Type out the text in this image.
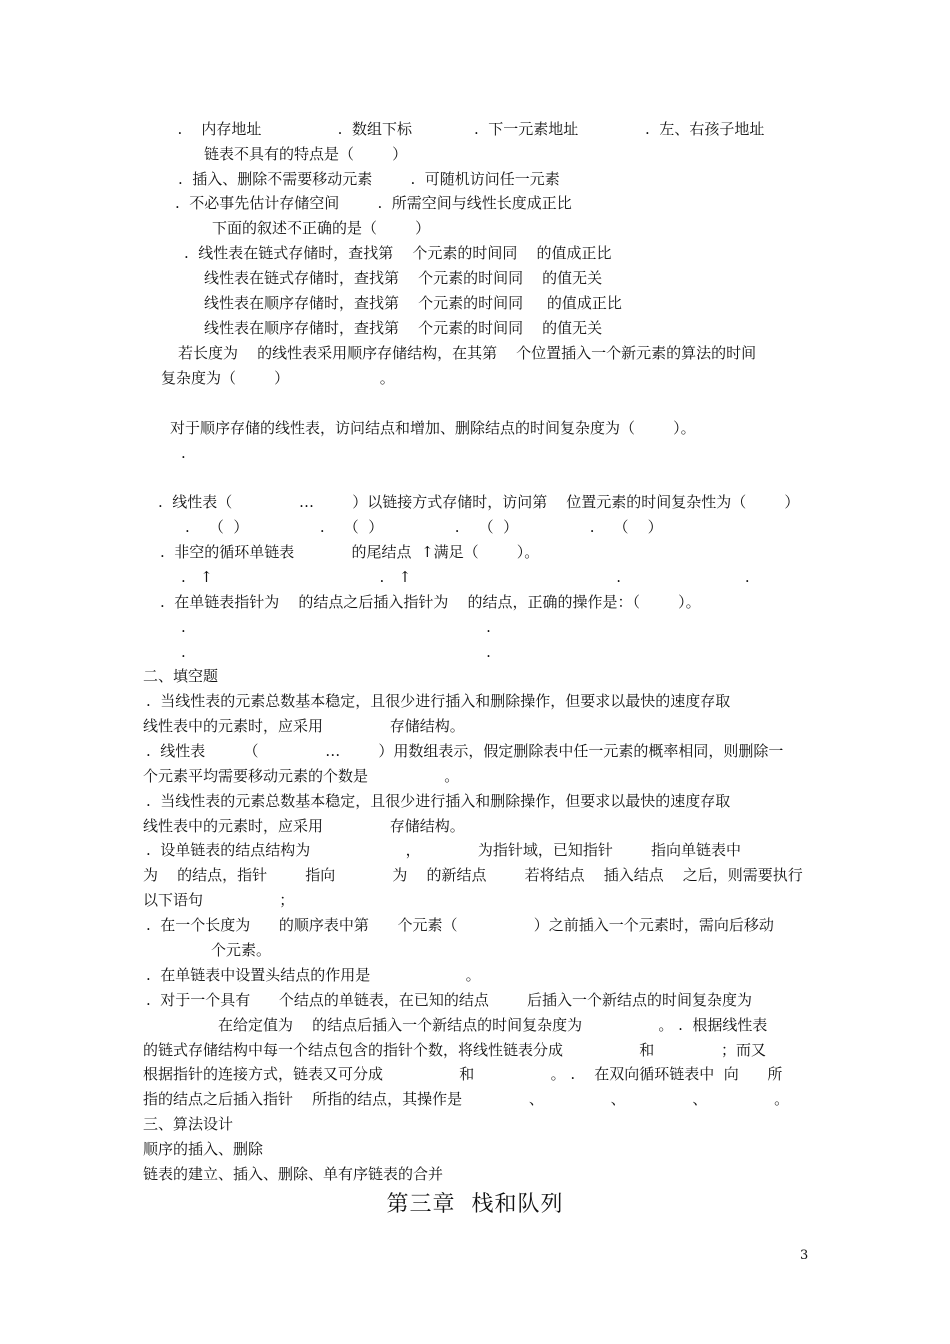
.    内存地址                .  数组下标             .  下一元素地址              .  左、右孩子地址
链表不具有的特点是（        ）
.  插入、删除不需要移动元素        .  可随机访问任一元素
.  不必事先估计存储空间        .  所需空间与线性长度成正比
下面的叙述不正确的是（        ）
.  线性表在链式存储时，查找第    个元素的时间同    的值成正比
线性表在链式存储时，查找第    个元素的时间同    的值无关
线性表在顺序存储时，查找第    个元素的时间同     的值成正比
线性表在顺序存储时，查找第    个元素的时间同    的值无关
若长度为    的线性表采用顺序存储结构，在其第    个位置插入一个新元素的算法的时间
复杂度为（        ）                   。
对于顺序存储的线性表，访问结点和增加、删除结点的时间复杂度为（        ）。
.
.  线性表（              …        ）以链接方式存储时，访问第    位置元素的时间复杂性为（        ）
.    （  ）               .    （  ）               .    （  ）               .    （    ）
.  非空的循环单链表            的尾结点  ↑满足（        ）。
.   ↑                                   .   ↑                                           .                          .
.  在单链表指针为    的结点之后插入指针为    的结点，正确的操作是：（        ）。
.                                                               .
.                                                               .
二、填空题
.  当线性表的元素总数基本稳定，且很少进行插入和删除操作，但要求以最快的速度存取
线性表中的元素时，应采用              存储结构。
.  线性表        （              …        ）用数组表示，假定删除表中任一元素的概率相同，则删除一
个元素平均需要移动元素的个数是                。
.  当线性表的元素总数基本稳定，且很少进行插入和删除操作，但要求以最快的速度存取
线性表中的元素时，应采用              存储结构。
.  设单链表的结点结构为                    ，            为指针域，已知指针        指向单链表中
为    的结点，指针        指向            为    的新结点        若将结点    插入结点    之后，则需要执行
以下语句                ；
.  在一个长度为      的顺序表中第      个元素（                ）之前插入一个元素时，需向后移动
个元素。
.  在单链表中设置头结点的作用是                    。
.  对于一个具有      个结点的单链表，在已知的结点        后插入一个新结点的时间复杂度为
在给定值为    的结点后插入一个新结点的时间复杂度为                。 .  根据线性表
的链式存储结构中每一个结点包含的指针个数，将线性链表分成                和              ；而又
根据指针的连接方式，链表又可分成                和                。 .    在双向循环链表中  向      所
指的结点之后插入指针    所指的结点，其操作是              、              、              、              。
三、算法设计
顺序的插入、删除
链表的建立、插入、删除、单有序链表的合并
第三章  栈和队列
3
